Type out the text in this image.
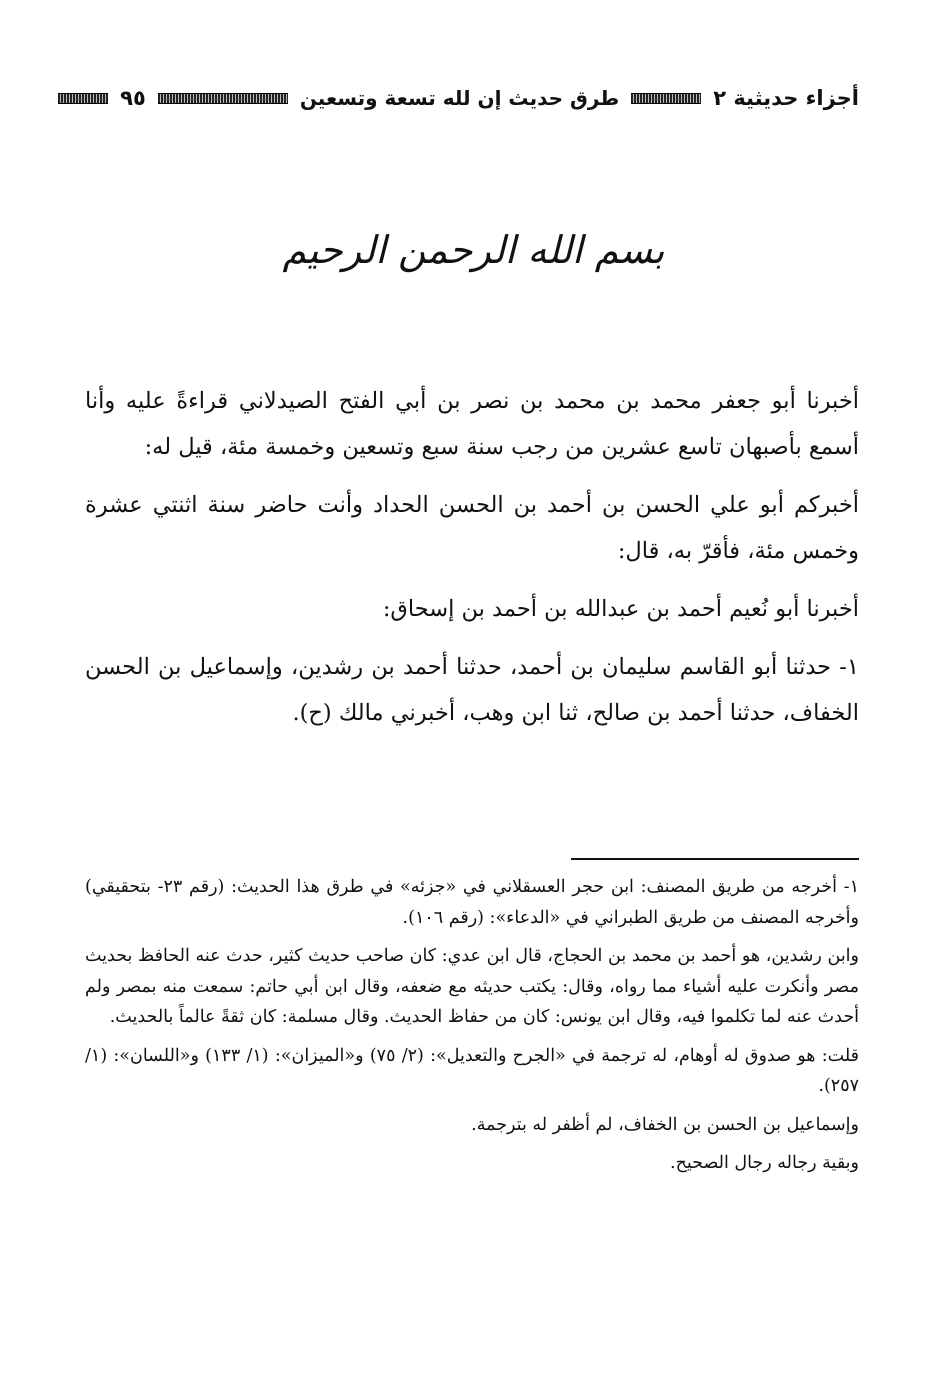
أجزاء حديثية ٢
طرق حديث إن لله تسعة وتسعين
٩٥
بسم الله الرحمن الرحيم

أخبرنا أبو جعفر محمد بن محمد بن نصر بن أبي الفتح الصيدلاني قراءةً عليه وأنا أسمع بأصبهان تاسع عشرين من رجب سنة سبع وتسعين وخمسة مئة، قيل له:

أخبركم أبو علي الحسن بن أحمد بن الحسن الحداد وأنت حاضر سنة اثنتي عشرة وخمس مئة، فأقرّ به، قال:

أخبرنا أبو نُعيم أحمد بن عبدالله بن أحمد بن إسحاق:

١- حدثنا أبو القاسم سليمان بن أحمد، حدثنا أحمد بن رشدين، وإسماعيل بن الحسن الخفاف، حدثنا أحمد بن صالح، ثنا ابن وهب، أخبرني مالك (ح).

١- أخرجه من طريق المصنف: ابن حجر العسقلاني في «جزئه» في طرق هذا الحديث: (رقم ٢٣- بتحقيقي) وأخرجه المصنف من طريق الطبراني في «الدعاء»: (رقم ١٠٦).

وابن رشدين، هو أحمد بن محمد بن الحجاج، قال ابن عدي: كان صاحب حديث كثير، حدث عنه الحافظ بحديث مصر وأنكرت عليه أشياء مما رواه، وقال: يكتب حديثه مع ضعفه، وقال ابن أبي حاتم: سمعت منه بمصر ولم أحدث عنه لما تكلموا فيه، وقال ابن يونس: كان من حفاظ الحديث. وقال مسلمة: كان ثقةً عالماً بالحديث.

قلت: هو صدوق له أوهام، له ترجمة في «الجرح والتعديل»: (٢/ ٧٥) و«الميزان»: (١/ ١٣٣) و«اللسان»: (١/ ٢٥٧).

وإسماعيل بن الحسن بن الخفاف، لم أظفر له بترجمة.

وبقية رجاله رجال الصحيح.
